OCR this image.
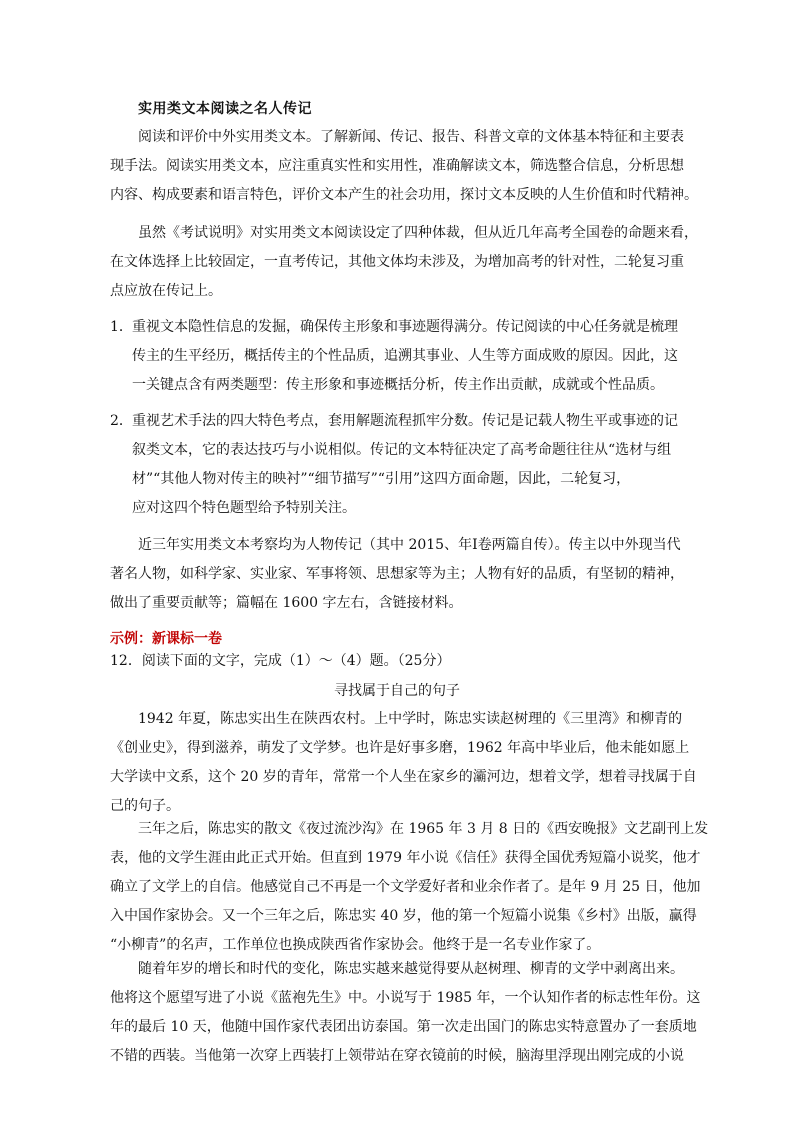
实用类文本阅读之名人传记
阅读和评价中外实用类文本。了解新闻、传记、报告、科普文章的文体基本特征和主要表
现手法。阅读实用类文本，应注重真实性和实用性，准确解读文本，筛选整合信息，分析思想
内容、构成要素和语言特色，评价文本产生的社会功用，探讨文本反映的人生价值和时代精神。
虽然《考试说明》对实用类文本阅读设定了四种体裁，但从近几年高考全国卷的命题来看，
在文体选择上比较固定，一直考传记，其他文体均未涉及，为增加高考的针对性，二轮复习重
点应放在传记上。
1．重视文本隐性信息的发掘，确保传主形象和事迹题得满分。传记阅读的中心任务就是梳理
传主的生平经历，概括传主的个性品质，追溯其事业、人生等方面成败的原因。因此，这
一关键点含有两类题型：传主形象和事迹概括分析，传主作出贡献，成就或个性品质。
2．重视艺术手法的四大特色考点，套用解题流程抓牢分数。传记是记载人物生平或事迹的记
叙类文本，它的表达技巧与小说相似。传记的文本特征决定了高考命题往往从“选材与组
材”“其他人物对传主的映衬”“细节描写”“引用”这四方面命题，因此，二轮复习，
应对这四个特色题型给予特别关注。
近三年实用类文本考察均为人物传记（其中 2015、年Ⅰ卷两篇自传）。传主以中外现当代
著名人物，如科学家、实业家、军事将领、思想家等为主；人物有好的品质，有坚韧的精神，
做出了重要贡献等；篇幅在 1600 字左右，含链接材料。
示例：新课标一卷
12．阅读下面的文字，完成（1）～（4）题。（25分）
寻找属于自己的句子
1942 年夏，陈忠实出生在陕西农村。上中学时，陈忠实读赵树理的《三里湾》和柳青的
《创业史》，得到滋养，萌发了文学梦。也许是好事多磨，1962 年高中毕业后，他未能如愿上
大学读中文系，这个 20 岁的青年，常常一个人坐在家乡的灞河边，想着文学，想着寻找属于自
己的句子。
三年之后，陈忠实的散文《夜过流沙沟》在 1965 年 3 月 8 日的《西安晚报》文艺副刊上发
表，他的文学生涯由此正式开始。但直到 1979 年小说《信任》获得全国优秀短篇小说奖，他才
确立了文学上的自信。他感觉自己不再是一个文学爱好者和业余作者了。是年 9 月 25 日，他加
入中国作家协会。又一个三年之后，陈忠实 40 岁，他的第一个短篇小说集《乡村》出版，赢得
“小柳青”的名声，工作单位也换成陕西省作家协会。他终于是一名专业作家了。
随着年岁的增长和时代的变化，陈忠实越来越觉得要从赵树理、柳青的文学中剥离出来。
他将这个愿望写进了小说《蓝袍先生》中。小说写于 1985 年，一个认知作者的标志性年份。这
年的最后 10 天，他随中国作家代表团出访泰国。第一次走出国门的陈忠实特意置办了一套质地
不错的西装。当他第一次穿上西装打上领带站在穿衣镜前的时候，脑海里浮现出刚完成的小说
